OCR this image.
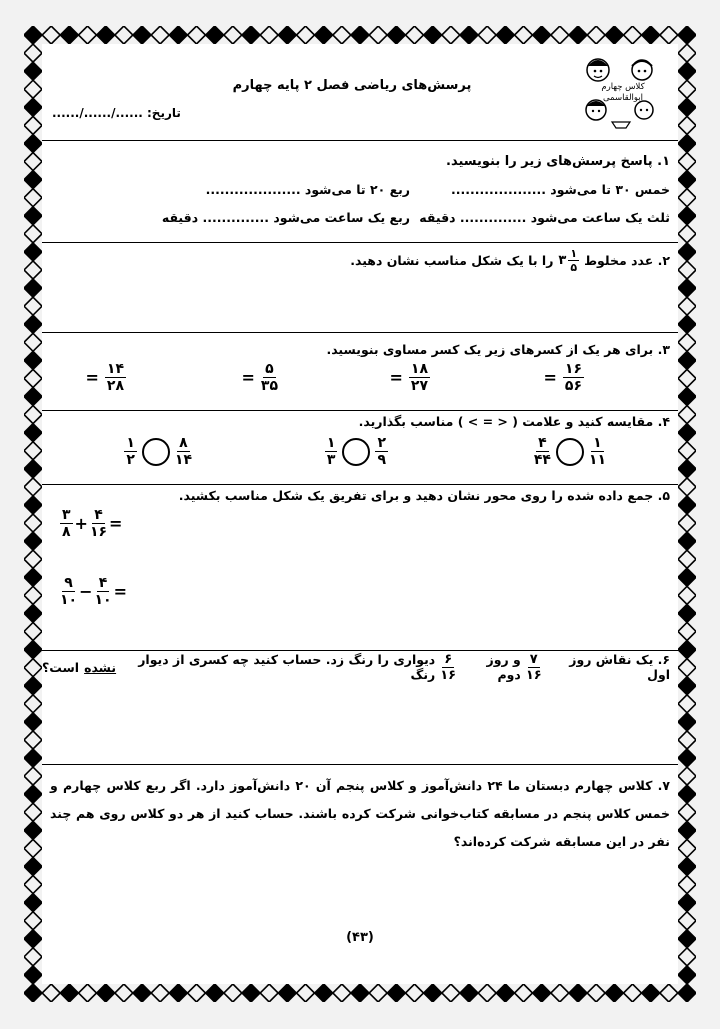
کلاس چهارم
ابوالقاسمی
پرسش‌های ریاضی فصل ۲ پایه چهارم
تاریخ: ....../....../......
۱. پاسخ پرسش‌های زیر را بنویسید.
خمس ۳۰ تا می‌شود ....................
ربع ۲۰ تا می‌شود ....................
ثلث یک ساعت می‌شود .............. دقیقه
ربع یک ساعت می‌شود .............. دقیقه
۲. عدد مخلوط
۳ $\frac{۱}{۵}$
را با یک شکل مناسب نشان دهید.
۳. برای هر یک از کسرهای زیر یک کسر مساوی بنویسید.
= $\frac{۱۶}{۵۶}$
= $\frac{۱۸}{۲۷}$
= $\frac{۵}{۳۵}$
= $\frac{۱۴}{۲۸}$
۴. مقایسه کنید و علامت ( < = > ) مناسب بگذارید.
$\frac{۴}{۴۴}$	$\frac{۱}{۱۱}$
$\frac{۱}{۳}$	$\frac{۲}{۹}$
$\frac{۱}{۲}$	$\frac{۸}{۱۴}$
۵. جمع داده شده را روی محور نشان دهید و برای تفریق یک شکل مناسب بکشید.
$\frac{۳}{۸} + \frac{۴}{۱۶}$ =
$\frac{۹}{۱۰} - \frac{۴}{۱۰}$ =
۶. یک نقاش روز اول
$\frac{۷}{۱۶}$
و روز دوم
$\frac{۶}{۱۶}$
دیواری را رنگ زد. حساب کنید چه کسری از دیوار رنگ
نشده
است؟
۷. کلاس چهارم دبستان ما ۲۴ دانش‌آموز و کلاس پنجم آن ۲۰ دانش‌آموز دارد. اگر ربع کلاس چهارم و خمس کلاس پنجم در مسابقه کتاب‌خوانی شرکت کرده باشند. حساب کنید از هر دو کلاس روی هم چند نفر در این مسابقه شرکت کرده‌اند؟
(۴۳)
